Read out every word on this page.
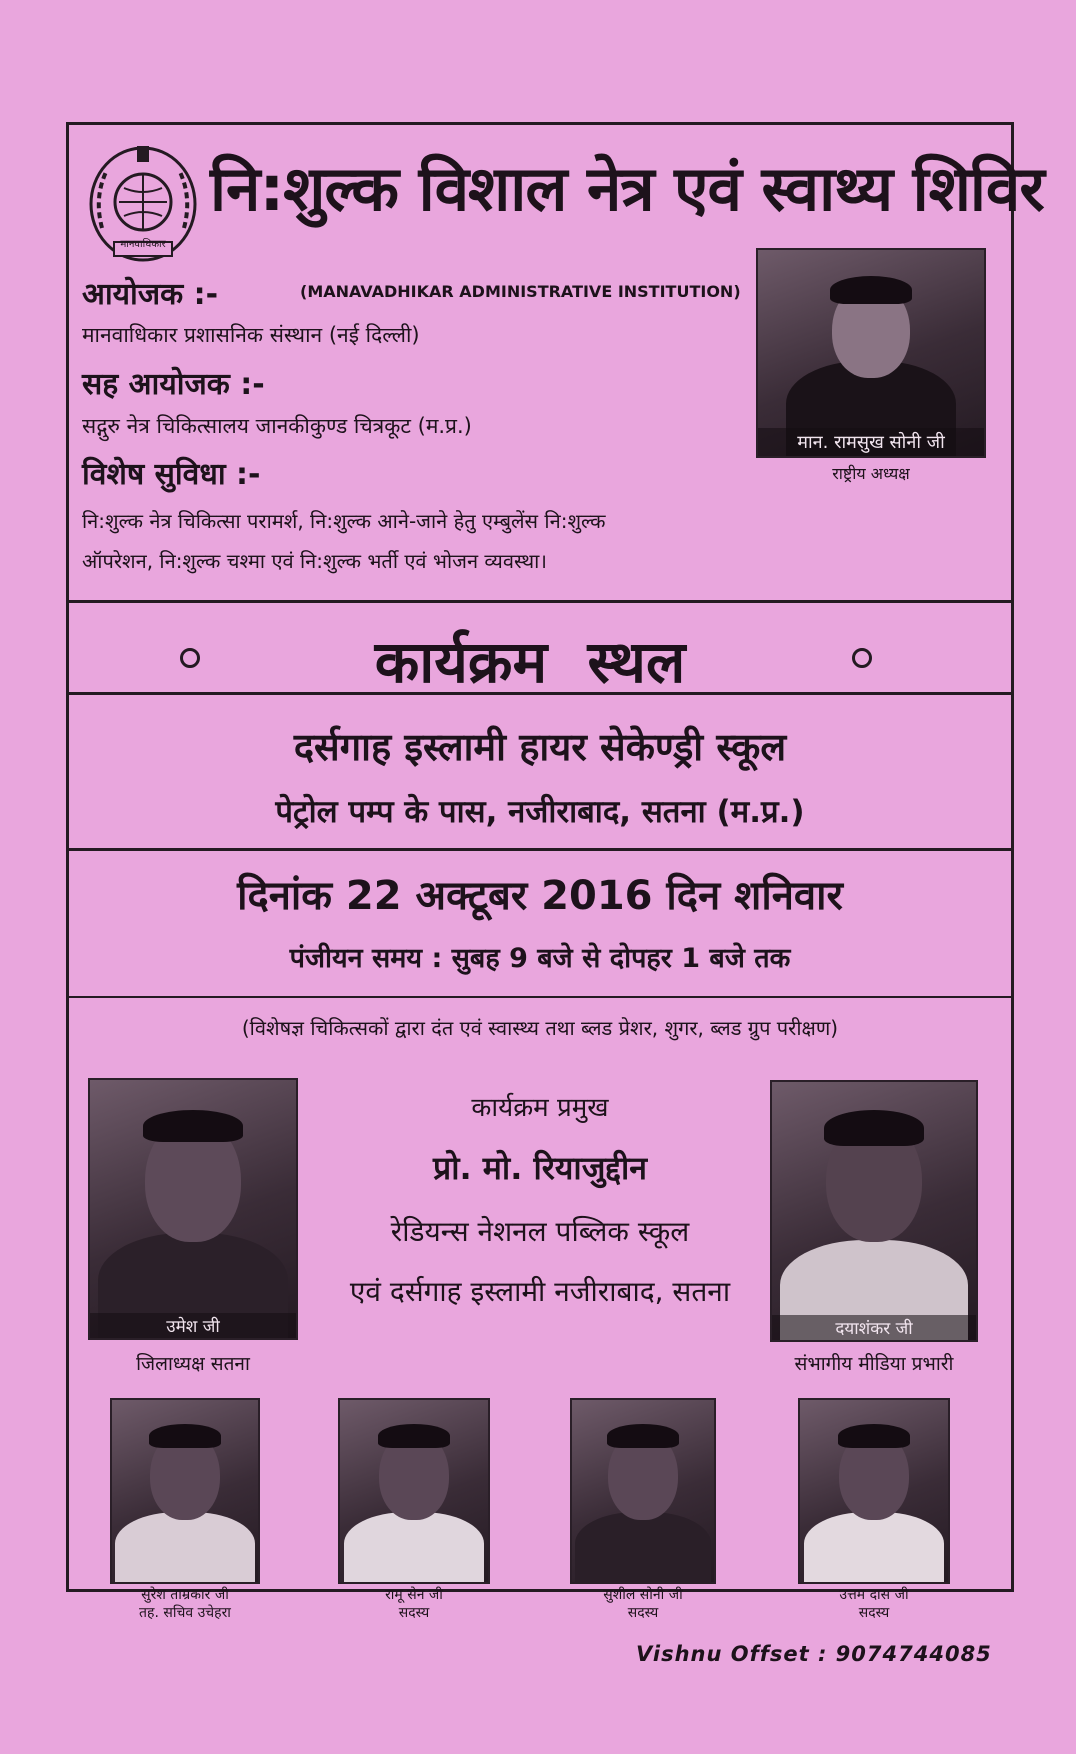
मानवाधिकार
नि:शुल्क विशाल नेत्र एवं स्वाथ्य शिविर
आयोजक :-	(MANAVADHIKAR ADMINISTRATIVE INSTITUTION)
मानवाधिकार प्रशासनिक संस्थान (नई दिल्ली)
सह आयोजक :-
सद्गुरु नेत्र चिकित्सालय जानकीकुण्ड चित्रकूट (म.प्र.)
विशेष सुविधा :-
नि:शुल्क नेत्र चिकित्सा परामर्श, नि:शुल्क आने-जाने हेतु एम्बुलेंस नि:शुल्क
ऑपरेशन, नि:शुल्क चश्मा एवं नि:शुल्क भर्ती एवं भोजन व्यवस्था।
मान. रामसुख सोनी जी
राष्ट्रीय अध्यक्ष
कार्यक्रम  स्थल
दर्सगाह इस्लामी हायर सेकेण्ड्री स्कूल
पेट्रोल पम्प के पास, नजीराबाद, सतना (म.प्र.)
दिनांक 22 अक्टूबर 2016 दिन शनिवार
पंजीयन समय : सुबह 9 बजे से दोपहर 1 बजे तक
(विशेषज्ञ चिकित्सकों द्वारा दंत एवं स्वास्थ्य तथा ब्लड प्रेशर, शुगर, ब्लड ग्रुप परीक्षण)
उमेश जी
जिलाध्यक्ष सतना
कार्यक्रम प्रमुख
प्रो. मो. रियाजुद्दीन
रेडियन्स नेशनल पब्लिक स्कूल
एवं दर्सगाह इस्लामी नजीराबाद, सतना
दयाशंकर जी
संभागीय मीडिया प्रभारी
सुरेश ताम्रकार जी
तह. सचिव उचेहरा
रामू सेन जी
सदस्य
सुशील सोनी जी
सदस्य
उत्तम दास जी
सदस्य
Vishnu Offset : 9074744085
